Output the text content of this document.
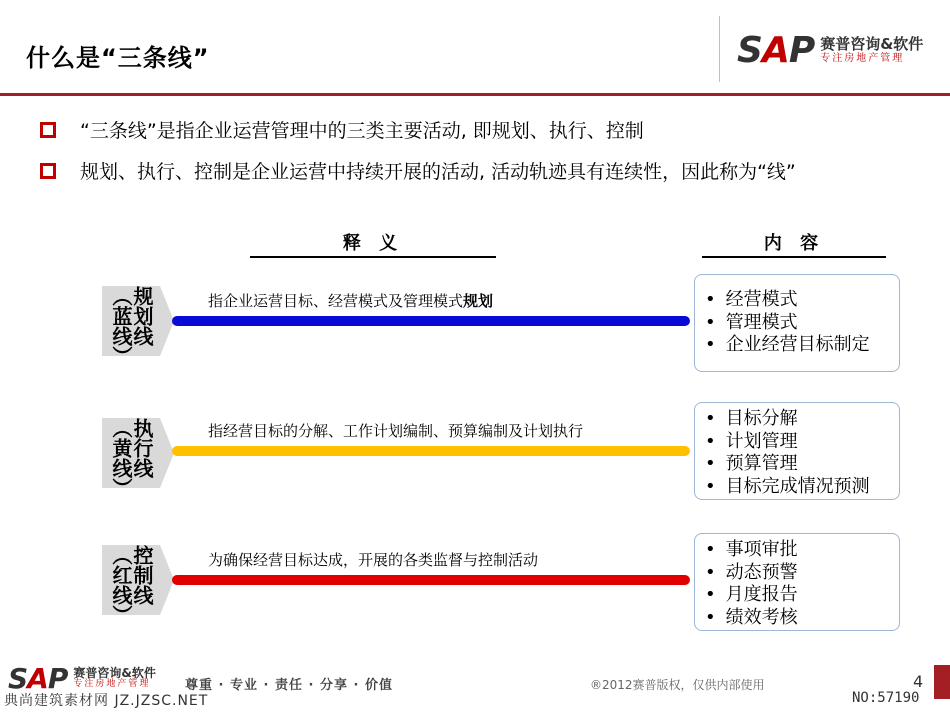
什么是“三条线”	SAP 赛普咨询&软件
专注房地产管理
“三条线”是指企业运营管理中的三类主要活动, 即规划、执行、控制
规划、执行、控制是企业运营中持续开展的活动, 活动轨迹具有连续性，因此称为“线”
释 义	内 容
规划线（蓝线）	指企业运营目标、经营模式及管理模式规划	• 经营模式
• 管理模式
• 企业经营目标制定
执行线（黄线）	指经营目标的分解、工作计划编制、预算编制及计划执行
• 目标分解
• 计划管理
• 预算管理
• 目标完成情况预测
控制线（红线）	为确保经营目标达成，开展的各类监督与控制活动	• 事项审批
• 动态预警
• 月度报告
• 绩效考核
SAP 赛普咨询&软件
专注房地产管理	尊重 · 专业 · 责任 · 分享 · 价值	®2012赛普版权，仅供内部使用	4
典尚建筑素材网 JZ.JZSC.NET	NO:57190
